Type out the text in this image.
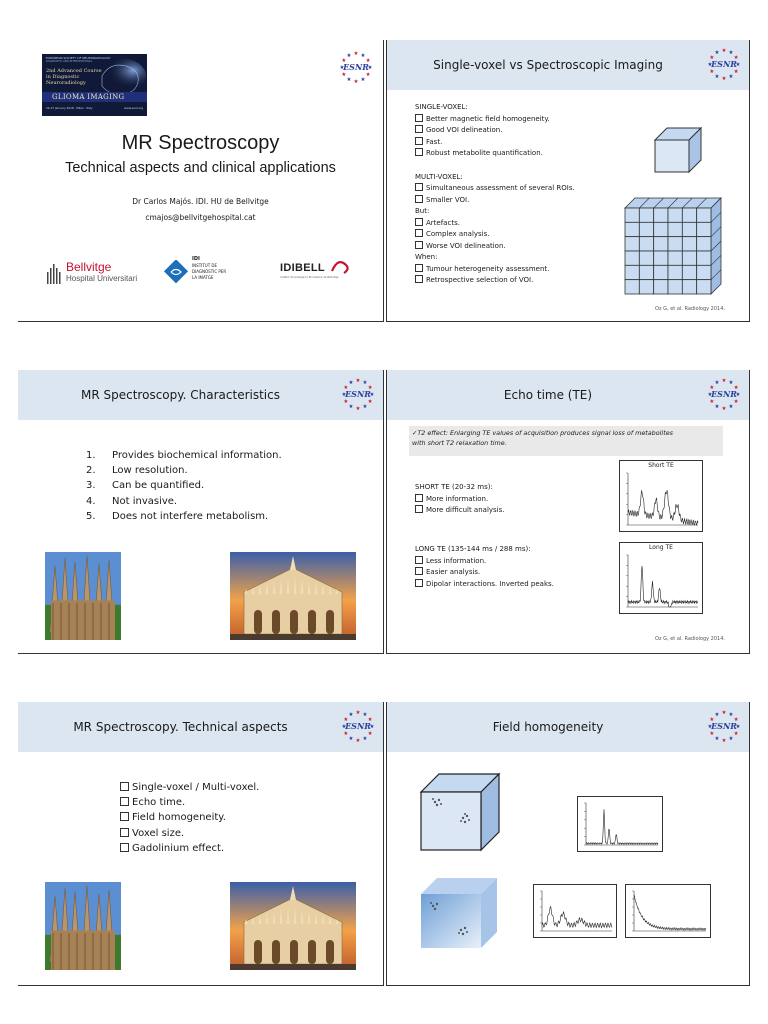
EUROPEAN SOCIETY OF NEURORADIOLOGY
DIAGNOSTIC AND INTERVENTIONAL
2nd Advanced Course in Diagnostic Neuroradiology
GLIOMA IMAGING
22-27 January 2018 · Milan · Italy	www.esnr.org
★ ★
★
★
★
★
★
★
★
★
★
★
ESNR
MR Spectroscopy
Technical aspects and clinical applications
Dr Carlos Majós. IDI. HU de Bellvitge
cmajos@bellvitgehospital.cat
Bellvitge
Hospital Universitari
IDI
INSTITUT DE
DIAGNÒSTIC PER
LA IMATGE
IDIBELL
Institut d'Investigació Biomèdica de Bellvitge
Single-voxel vs Spectroscopic Imaging
★ ★
★
★
★
★
★
★
★
★
★
★
ESNR
SINGLE-VOXEL:
Better magnetic field homogeneity.
Good VOI delineation.
Fast.
Robust metabolite quantification.
MULTI-VOXEL:
Simultaneous assessment of several ROIs.
Smaller VOI.
But:
Artefacts.
Complex analysis.
Worse VOI delineation.
When:
Tumour heterogeneity assessment.
Retrospective selection of VOI.
Oz G, et al. Radiology 2014.
MR Spectroscopy. Characteristics
★ ★
★
★
★
★
★
★
★
★
★
★
ESNR
1. Provides biochemical information.
2. Low resolution.
3. Can be quantified.
4. Not invasive.
5. Does not interfere metabolism.
Echo time (TE)
★ ★
★
★
★
★
★
★
★
★
★
★
ESNR
✓T2 effect: Enlarging TE values of acquisition produces signal loss of metabolites
with short T2 relaxation time.
SHORT TE (20-32 ms):
More information.
More difficult analysis.
LONG TE (135-144 ms / 288 ms):
Less information.
Easier analysis.
Dipolar interactions. Inverted peaks.
Short TE
Long TE
Oz G, et al. Radiology 2014.
MR Spectroscopy. Technical aspects
★ ★
★
★
★
★
★
★
★
★
★
★
ESNR
Single-voxel / Multi-voxel.
Echo time.
Field homogeneity.
Voxel size.
Gadolinium effect.
Field homogeneity
★ ★
★
★
★
★
★
★
★
★
★
★
ESNR
